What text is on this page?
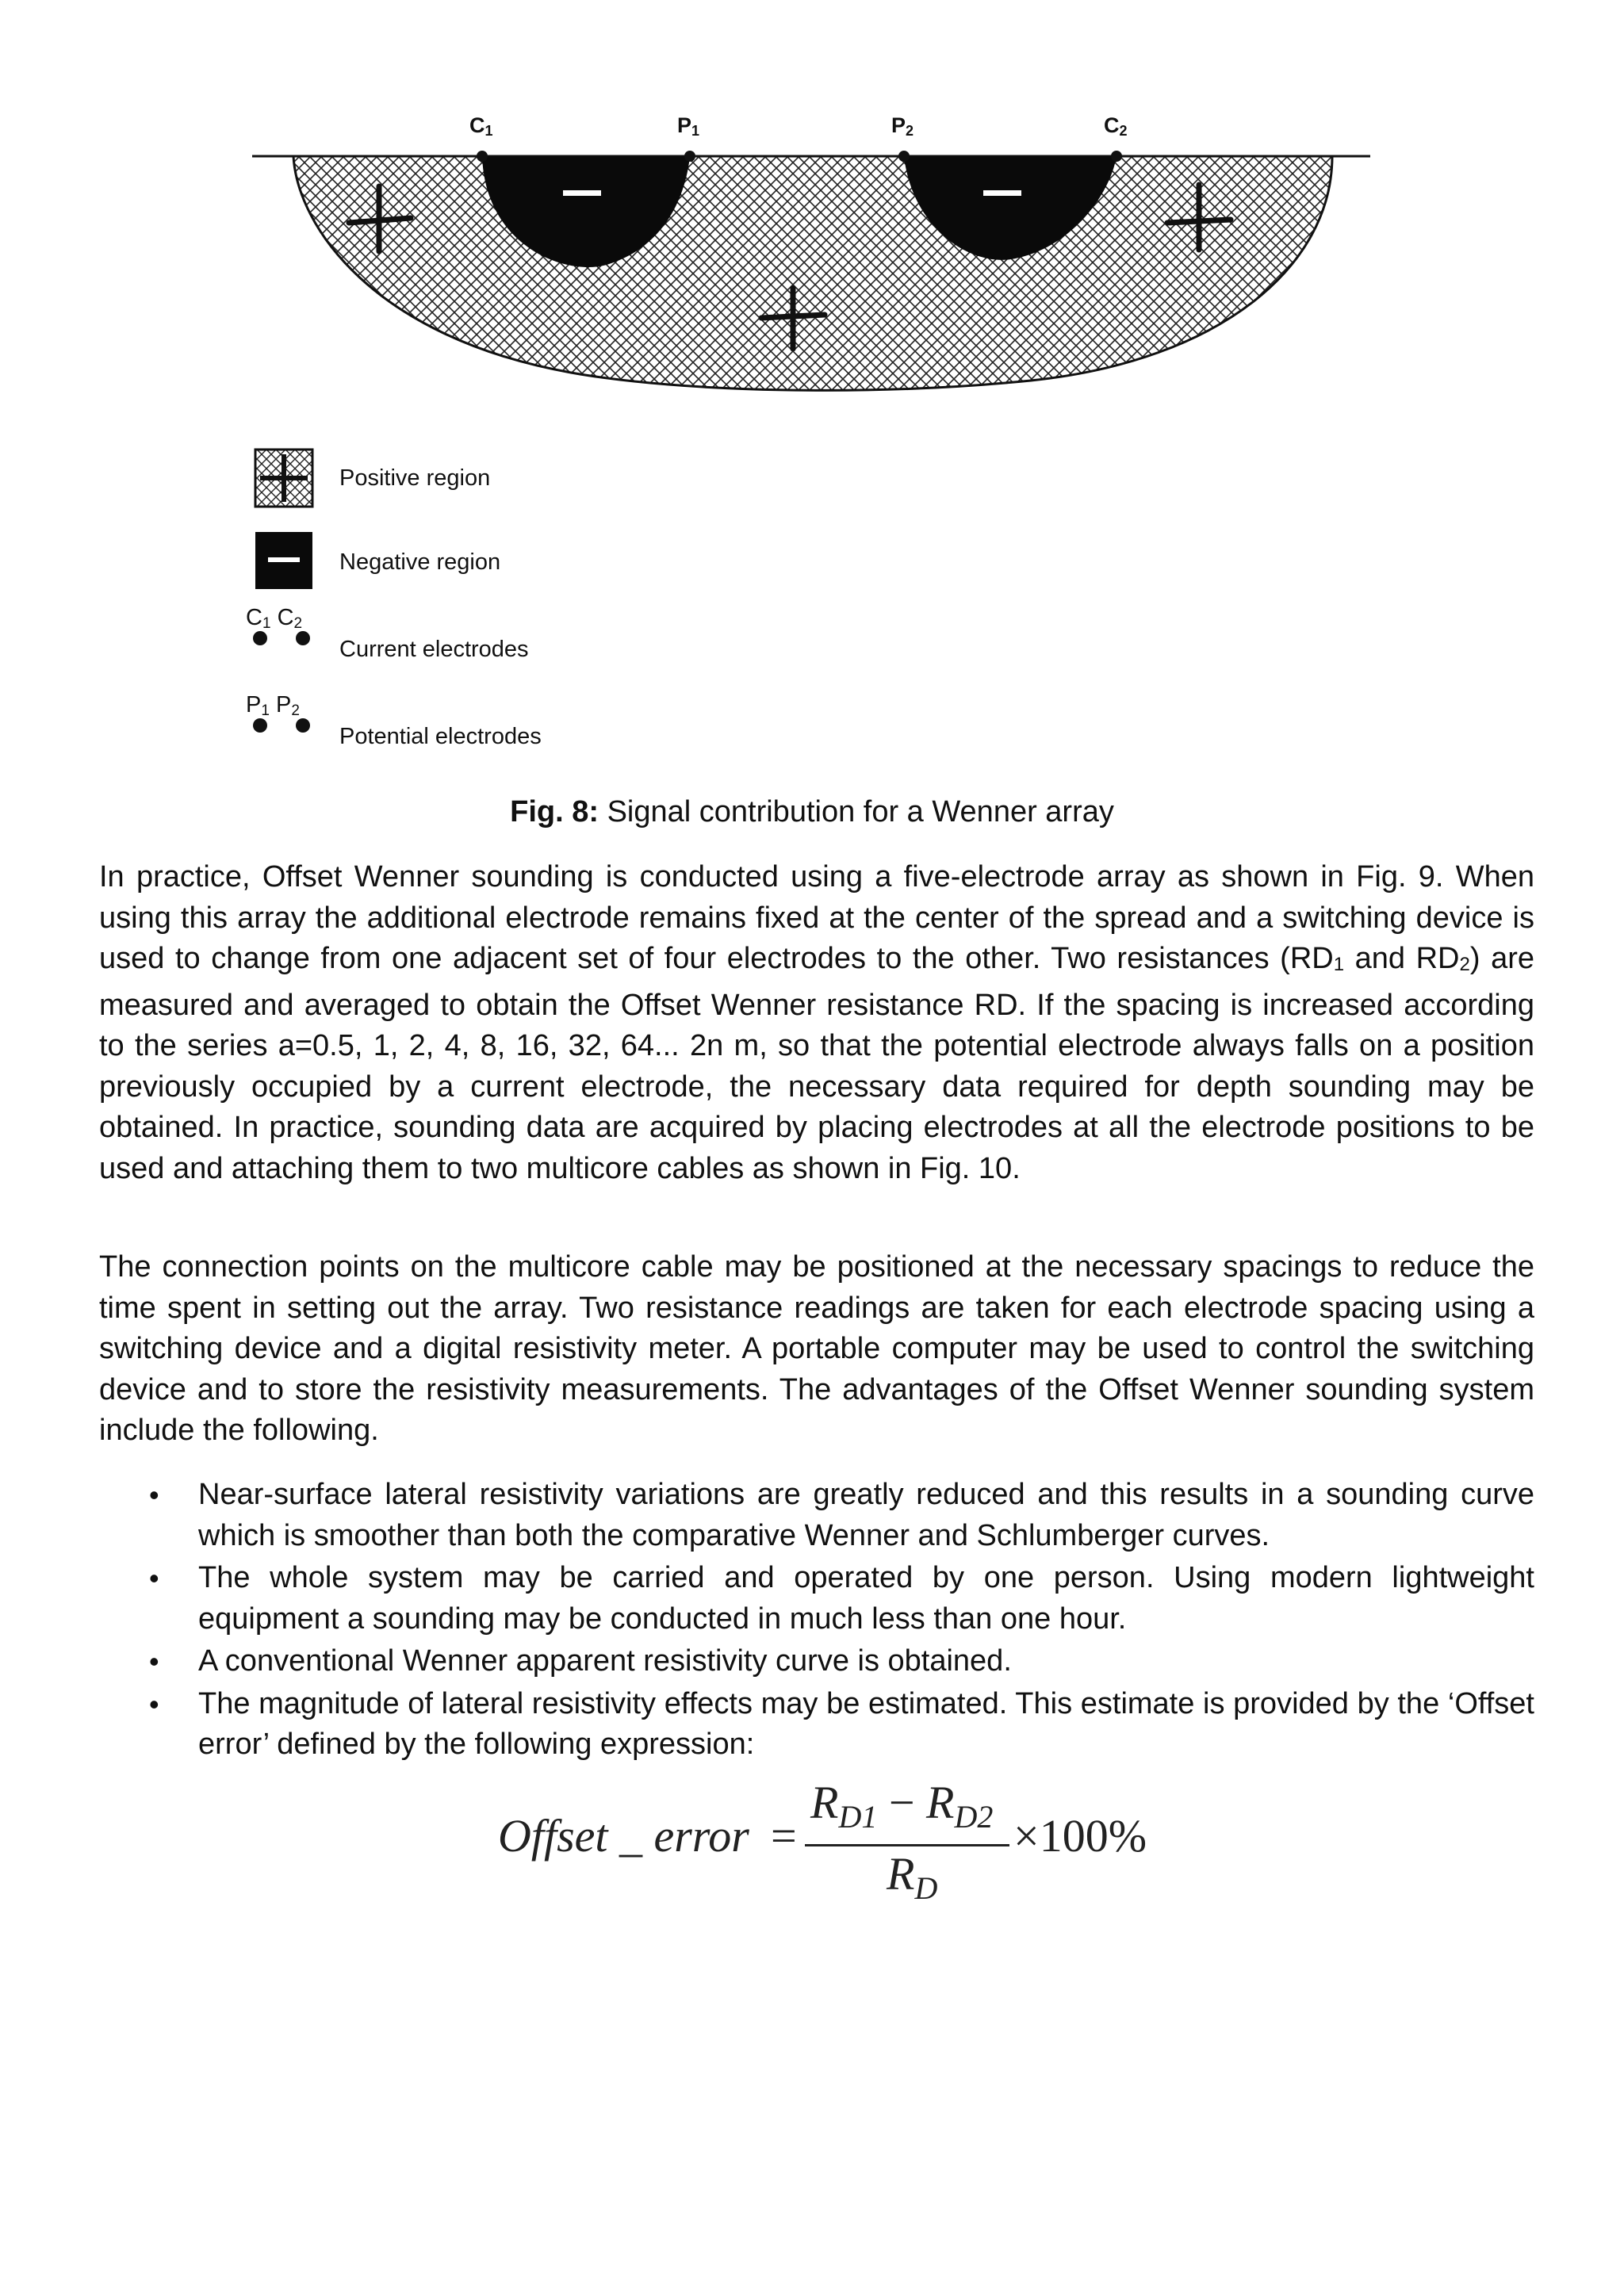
$C_1$	$P_1$	$P_2$	$C_2$
Positive region
Negative region
$C_1$ $C_2$
Current electrodes
$P_1$ $P_2$
Potential electrodes
Fig. 8: Signal contribution for a Wenner array

In practice, Offset Wenner sounding is conducted using a five-electrode array as shown in Fig. 9. When using this array the additional electrode remains fixed at the center of the spread and a switching device is used to change from one adjacent set of four electrodes to the other. Two resistances ($RD_1$ and $RD_2$) are measured and averaged to obtain the Offset Wenner resistance RD. If the spacing is increased according to the series a=0.5, 1, 2, 4, 8, 16, 32, 64... 2n m, so that the potential electrode always falls on a position previously occupied by a current electrode, the necessary data required for depth sounding may be obtained. In practice, sounding data are acquired by placing electrodes at all the electrode positions to be used and attaching them to two multicore cables as shown in Fig. 10.

The connection points on the multicore cable may be positioned at the necessary spacings to reduce the time spent in setting out the array. Two resistance readings are taken for each electrode spacing using a switching device and a digital resistivity meter. A portable computer may be used to control the switching device and to store the resistivity measurements. The advantages of the Offset Wenner sounding system include the following.

• Near-surface lateral resistivity variations are greatly reduced and this results in a sounding curve which is smoother than both the comparative Wenner and Schlumberger curves.
• The whole system may be carried and operated by one person. Using modern lightweight equipment a sounding may be conducted in much less than one hour.
• A conventional Wenner apparent resistivity curve is obtained.
• The magnitude of lateral resistivity effects may be estimated. This estimate is provided by the ‘Offset error’ defined by the following expression:
Offset _ error =
$R_{D1} - R_{D2}$
$R_D$
×100%
